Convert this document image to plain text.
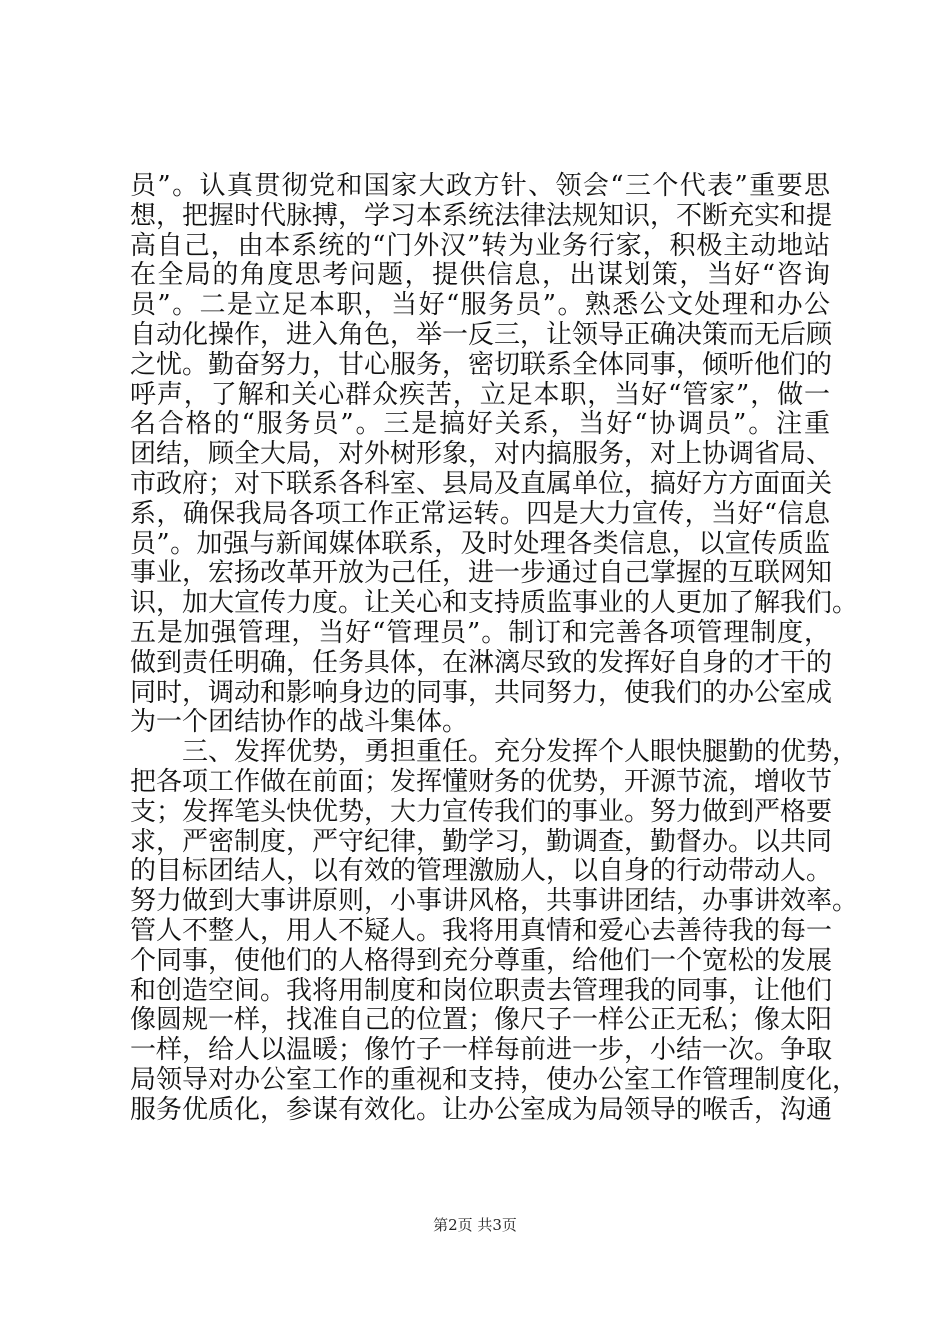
员”。认真贯彻党和国家大政方针、领会“三个代表”重要思
想，把握时代脉搏，学习本系统法律法规知识，不断充实和提
高自己，由本系统的“门外汉”转为业务行家，积极主动地站
在全局的角度思考问题，提供信息，出谋划策，当好“咨询
员”。二是立足本职，当好“服务员”。熟悉公文处理和办公
自动化操作，进入角色，举一反三，让领导正确决策而无后顾
之忧。勤奋努力，甘心服务，密切联系全体同事，倾听他们的
呼声，了解和关心群众疾苦，立足本职，当好“管家”，做一
名合格的“服务员”。三是搞好关系，当好“协调员”。注重
团结，顾全大局，对外树形象，对内搞服务，对上协调省局、
市政府；对下联系各科室、县局及直属单位，搞好方方面面关
系，确保我局各项工作正常运转。四是大力宣传，当好“信息
员”。加强与新闻媒体联系，及时处理各类信息，以宣传质监
事业，宏扬改革开放为己任，进一步通过自己掌握的互联网知
识，加大宣传力度。让关心和支持质监事业的人更加了解我们。
五是加强管理，当好“管理员”。制订和完善各项管理制度，
做到责任明确，任务具体，在淋漓尽致的发挥好自身的才干的
同时，调动和影响身边的同事，共同努力，使我们的办公室成
为一个团结协作的战斗集体。
　　三、发挥优势，勇担重任。充分发挥个人眼快腿勤的优势，
把各项工作做在前面；发挥懂财务的优势，开源节流，增收节
支；发挥笔头快优势，大力宣传我们的事业。努力做到严格要
求，严密制度，严守纪律，勤学习，勤调查，勤督办。以共同
的目标团结人，以有效的管理激励人，以自身的行动带动人。
努力做到大事讲原则，小事讲风格，共事讲团结，办事讲效率。
管人不整人，用人不疑人。我将用真情和爱心去善待我的每一
个同事，使他们的人格得到充分尊重，给他们一个宽松的发展
和创造空间。我将用制度和岗位职责去管理我的同事，让他们
像圆规一样，找准自己的位置；像尺子一样公正无私；像太阳
一样，给人以温暖；像竹子一样每前进一步，小结一次。争取
局领导对办公室工作的重视和支持，使办公室工作管理制度化，
服务优质化，参谋有效化。让办公室成为局领导的喉舌，沟通
第2页 共3页
